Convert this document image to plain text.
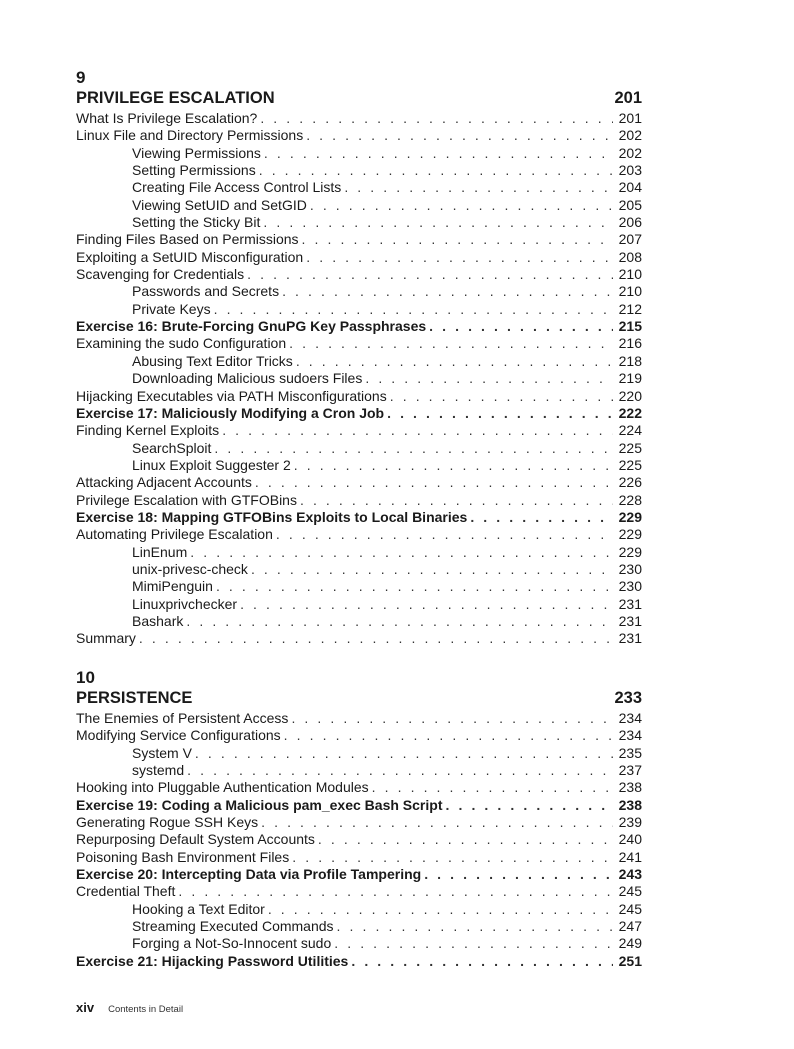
9
PRIVILEGE ESCALATION	201
What Is Privilege Escalation? . . .	201
Linux File and Directory Permissions . . .	202
Viewing Permissions . . .	202
Setting Permissions . . .	203
Creating File Access Control Lists . . .	204
Viewing SetUID and SetGID . . .	205
Setting the Sticky Bit . . .	206
Finding Files Based on Permissions . . .	207
Exploiting a SetUID Misconfiguration . . .	208
Scavenging for Credentials . . .	210
Passwords and Secrets . . .	210
Private Keys . . .	212
Exercise 16: Brute-Forcing GnuPG Key Passphrases . . .	215
Examining the sudo Configuration . . .	216
Abusing Text Editor Tricks . . .	218
Downloading Malicious sudoers Files . . .	219
Hijacking Executables via PATH Misconfigurations . . .	220
Exercise 17: Maliciously Modifying a Cron Job . . .	222
Finding Kernel Exploits . . .	224
SearchSploit . . .	225
Linux Exploit Suggester 2 . . .	225
Attacking Adjacent Accounts . . .	226
Privilege Escalation with GTFOBins . . .	228
Exercise 18: Mapping GTFOBins Exploits to Local Binaries . . .	229
Automating Privilege Escalation . . .	229
LinEnum . . .	229
unix-privesc-check . . .	230
MimiPenguin . . .	230
Linuxprivchecker . . .	231
Bashark . . .	231
Summary . . .	231
10
PERSISTENCE	233
The Enemies of Persistent Access . . .	234
Modifying Service Configurations . . .	234
System V . . .	235
systemd . . .	237
Hooking into Pluggable Authentication Modules . . .	238
Exercise 19: Coding a Malicious pam_exec Bash Script . . .	238
Generating Rogue SSH Keys . . .	239
Repurposing Default System Accounts . . .	240
Poisoning Bash Environment Files . . .	241
Exercise 20: Intercepting Data via Profile Tampering . . .	243
Credential Theft . . .	245
Hooking a Text Editor . . .	245
Streaming Executed Commands . . .	247
Forging a Not-So-Innocent sudo . . .	249
Exercise 21: Hijacking Password Utilities . . .	251
xiv Contents in Detail
